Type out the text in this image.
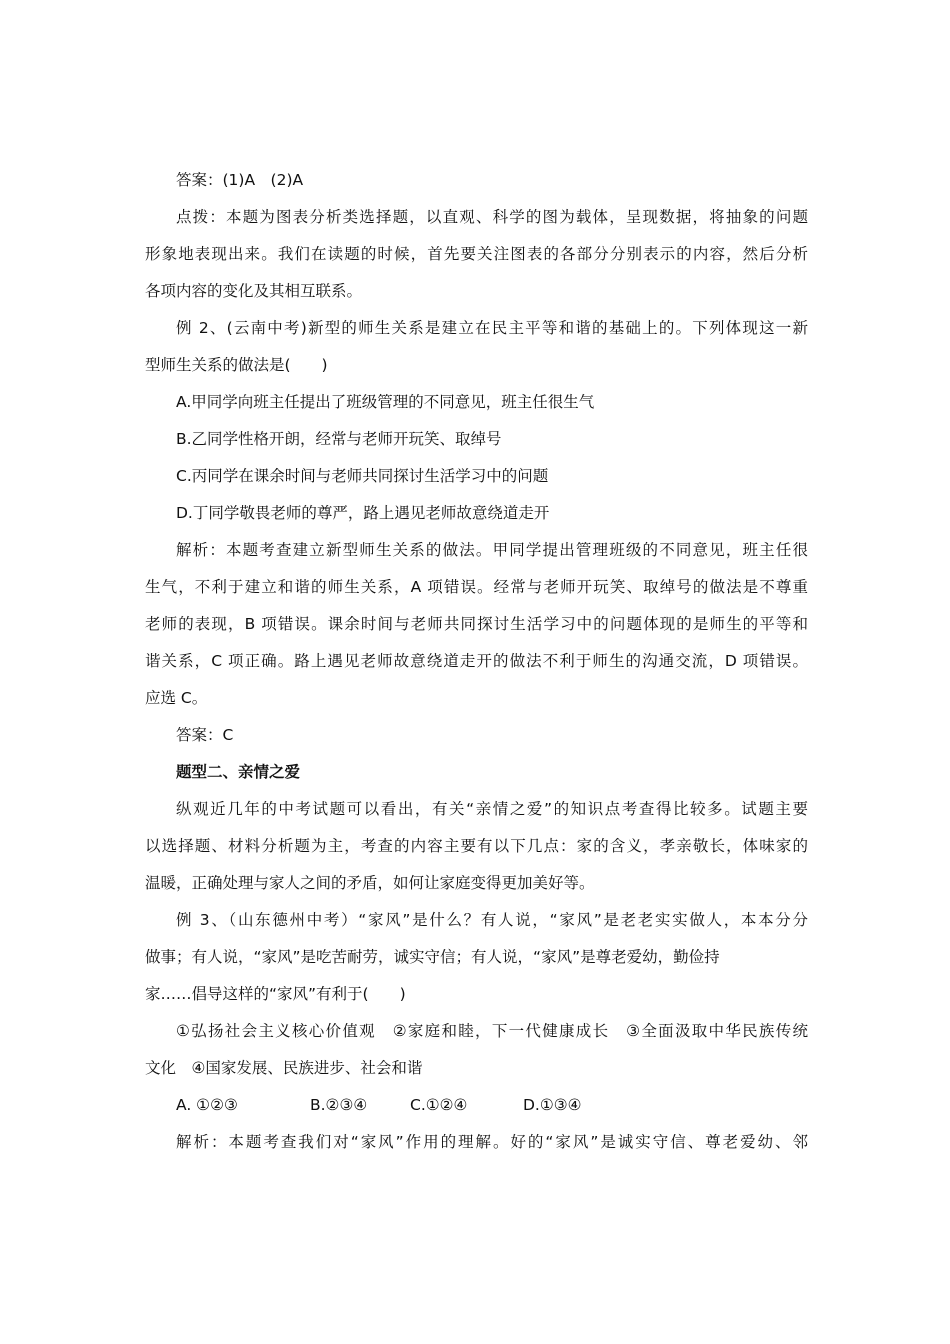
答案：(1)A　(2)A
点拨：本题为图表分析类选择题，以直观、科学的图为载体，呈现数据，将抽象的问题
形象地表现出来。我们在读题的时候，首先要关注图表的各部分分别表示的内容，然后分析
各项内容的变化及其相互联系。
例 2、(云南中考)新型的师生关系是建立在民主平等和谐的基础上的。下列体现这一新
型师生关系的做法是(　　)
A.甲同学向班主任提出了班级管理的不同意见，班主任很生气
B.乙同学性格开朗，经常与老师开玩笑、取绰号
C.丙同学在课余时间与老师共同探讨生活学习中的问题
D.丁同学敬畏老师的尊严，路上遇见老师故意绕道走开
解析：本题考查建立新型师生关系的做法。甲同学提出管理班级的不同意见，班主任很
生气，不利于建立和谐的师生关系，A 项错误。经常与老师开玩笑、取绰号的做法是不尊重
老师的表现，B 项错误。课余时间与老师共同探讨生活学习中的问题体现的是师生的平等和
谐关系，C 项正确。路上遇见老师故意绕道走开的做法不利于师生的沟通交流，D 项错误。
应选 C。
答案：C
题型二、亲情之爱
纵观近几年的中考试题可以看出，有关“亲情之爱”的知识点考查得比较多。试题主要
以选择题、材料分析题为主，考查的内容主要有以下几点：家的含义，孝亲敬长，体味家的
温暖，正确处理与家人之间的矛盾，如何让家庭变得更加美好等。
例 3、（山东德州中考）“家风”是什么？有人说，“家风”是老老实实做人，本本分分
做事；有人说，“家风”是吃苦耐劳，诚实守信；有人说，“家风”是尊老爱幼，勤俭持
家……倡导这样的“家风”有利于(　　)
①弘扬社会主义核心价值观　②家庭和睦，下一代健康成长　③全面汲取中华民族传统
文化　④国家发展、民族进步、社会和谐
A. ①②③	B.②③④	C.①②④	D.①③④
解析：本题考查我们对“家风”作用的理解。好的“家风”是诚实守信、尊老爱幼、邻
